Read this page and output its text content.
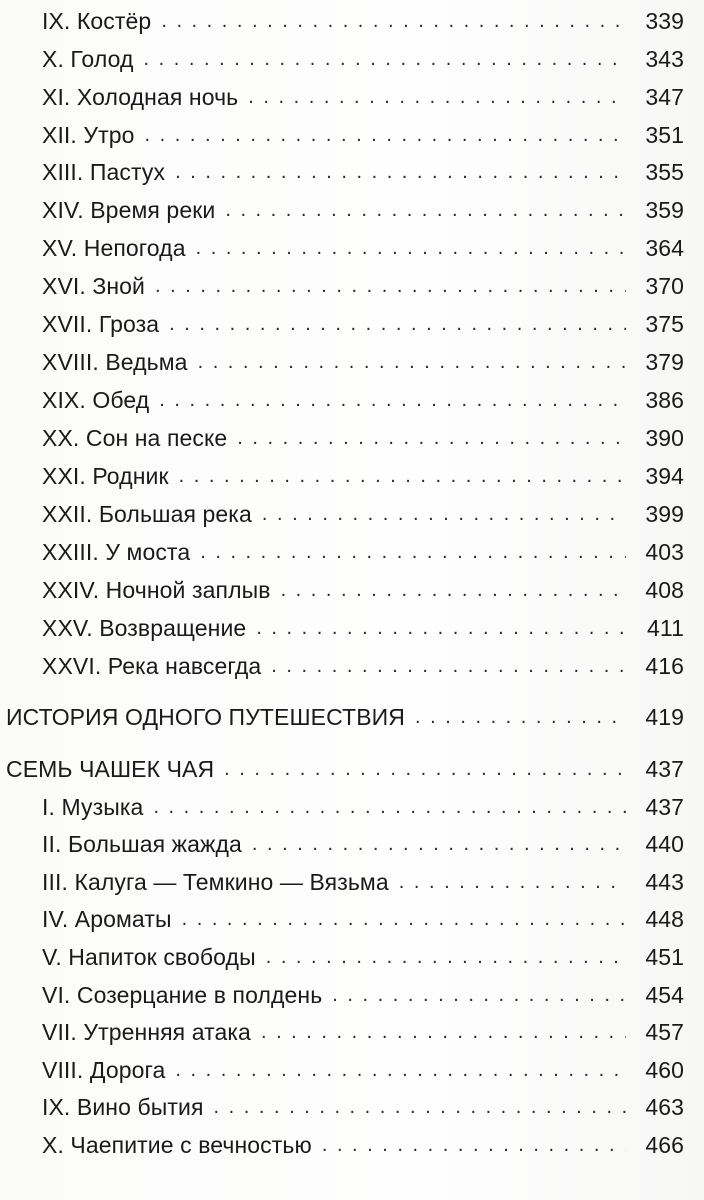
IX. Костёр . . .	339
X. Голод . . .	343
XI. Холодная ночь . . .	347
XII. Утро . . .	351
XIII. Пастух . . .	355
XIV. Время реки . . .	359
XV. Непогода . . .	364
XVI. Зной . . .	370
XVII. Гроза . . .	375
XVIII. Ведьма . . .	379
XIX. Обед . . .	386
XX. Сон на песке . . .	390
XXI. Родник . . .	394
XXII. Большая река . . .	399
XXIII. У моста . . .	403
XXIV. Ночной заплыв . . .	408
XXV. Возвращение . . .	411
XXVI. Река навсегда . . .	416
ИСТОРИЯ ОДНОГО ПУТЕШЕСТВИЯ . . .	419
СЕМЬ ЧАШЕК ЧАЯ . . .	437
I. Музыка . . .	437
II. Большая жажда . . .	440
III. Калуга — Темкино — Вязьма . . .	443
IV. Ароматы . . .	448
V. Напиток свободы . . .	451
VI. Созерцание в полдень . . .	454
VII. Утренняя атака . . .	457
VIII. Дорога . . .	460
IX. Вино бытия . . .	463
X. Чаепитие с вечностью . . .	466
